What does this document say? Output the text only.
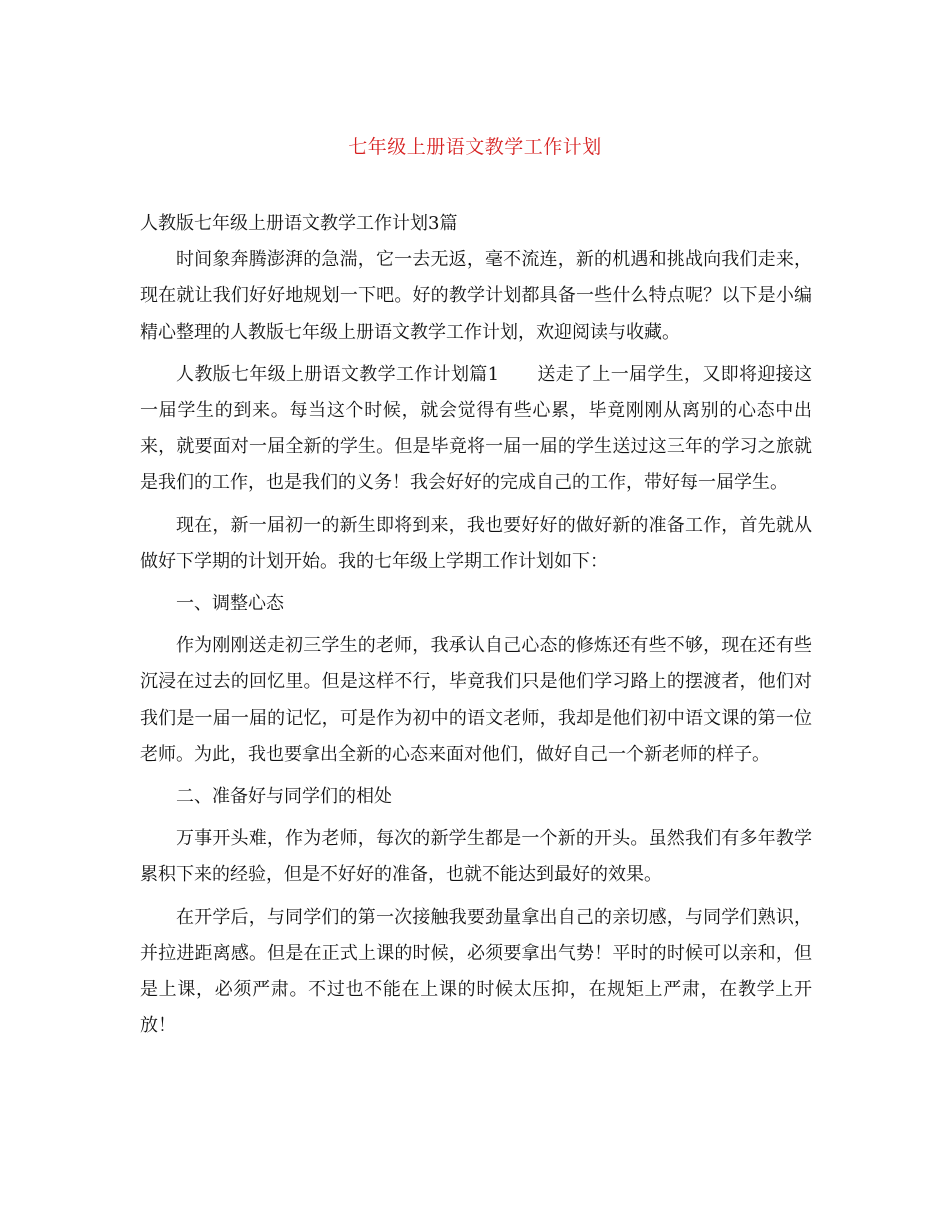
七年级上册语文教学工作计划

人教版七年级上册语文教学工作计划3篇

时间象奔腾澎湃的急湍，它一去无返，毫不流连，新的机遇和挑战向我们走来，现在就让我们好好地规划一下吧。好的教学计划都具备一些什么特点呢？以下是小编精心整理的人教版七年级上册语文教学工作计划，欢迎阅读与收藏。

人教版七年级上册语文教学工作计划篇1 送走了上一届学生，又即将迎接这一届学生的到来。每当这个时候，就会觉得有些心累，毕竟刚刚从离别的心态中出来，就要面对一届全新的学生。但是毕竟将一届一届的学生送过这三年的学习之旅就是我们的工作，也是我们的义务！我会好好的完成自己的工作，带好每一届学生。

现在，新一届初一的新生即将到来，我也要好好的做好新的准备工作，首先就从做好下学期的计划开始。我的七年级上学期工作计划如下：

一、调整心态

作为刚刚送走初三学生的老师，我承认自己心态的修炼还有些不够，现在还有些沉浸在过去的回忆里。但是这样不行，毕竟我们只是他们学习路上的摆渡者，他们对我们是一届一届的记忆，可是作为初中的语文老师，我却是他们初中语文课的第一位老师。为此，我也要拿出全新的心态来面对他们，做好自己一个新老师的样子。

二、准备好与同学们的相处

万事开头难，作为老师，每次的新学生都是一个新的开头。虽然我们有多年教学累积下来的经验，但是不好好的准备，也就不能达到最好的效果。

在开学后，与同学们的第一次接触我要劲量拿出自己的亲切感，与同学们熟识，并拉进距离感。但是在正式上课的时候，必须要拿出气势！平时的时候可以亲和，但是上课，必须严肃。不过也不能在上课的时候太压抑，在规矩上严肃，在教学上开放！
